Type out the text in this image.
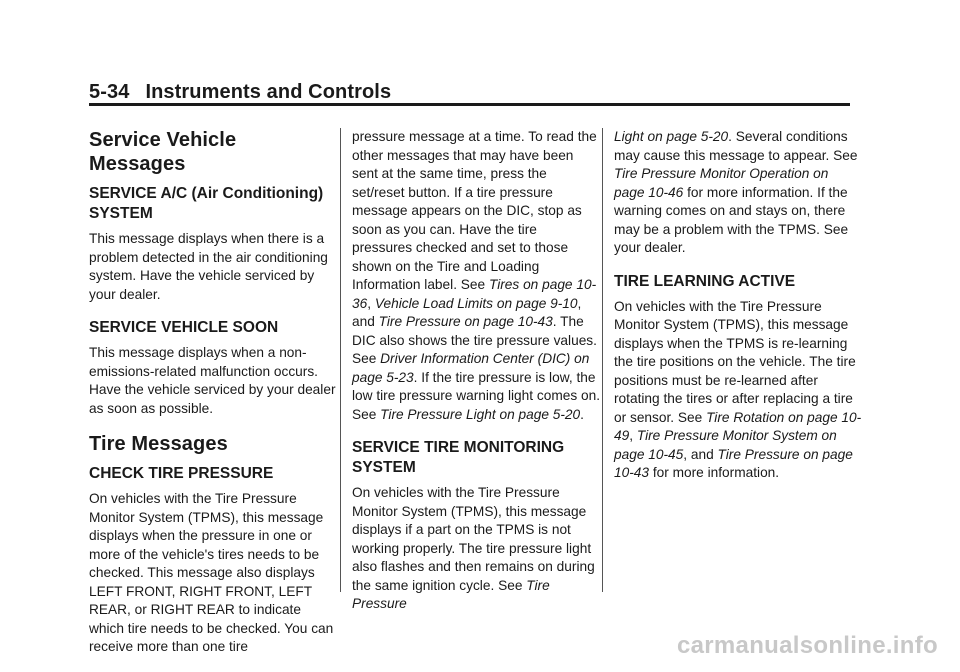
5-34 Instruments and Controls
Service Vehicle Messages
SERVICE A/C (Air Conditioning) SYSTEM

This message displays when there is a problem detected in the air conditioning system. Have the vehicle serviced by your dealer.

SERVICE VEHICLE SOON

This message displays when a non-emissions-related malfunction occurs. Have the vehicle serviced by your dealer as soon as possible.

Tire Messages
CHECK TIRE PRESSURE

On vehicles with the Tire Pressure Monitor System (TPMS), this message displays when the pressure in one or more of the vehicle's tires needs to be checked. This message also displays LEFT FRONT, RIGHT FRONT, LEFT REAR, or RIGHT REAR to indicate which tire needs to be checked. You can receive more than one tire

pressure message at a time. To read the other messages that may have been sent at the same time, press the set/reset button. If a tire pressure message appears on the DIC, stop as soon as you can. Have the tire pressures checked and set to those shown on the Tire and Loading Information label. See Tires on page 10-36, Vehicle Load Limits on page 9-10, and Tire Pressure on page 10-43. The DIC also shows the tire pressure values. See Driver Information Center (DIC) on page 5-23. If the tire pressure is low, the low tire pressure warning light comes on. See Tire Pressure Light on page 5-20.

SERVICE TIRE MONITORING SYSTEM

On vehicles with the Tire Pressure Monitor System (TPMS), this message displays if a part on the TPMS is not working properly. The tire pressure light also flashes and then remains on during the same ignition cycle. See Tire Pressure

Light on page 5-20. Several conditions may cause this message to appear. See Tire Pressure Monitor Operation on page 10-46 for more information. If the warning comes on and stays on, there may be a problem with the TPMS. See your dealer.

TIRE LEARNING ACTIVE

On vehicles with the Tire Pressure Monitor System (TPMS), this message displays when the TPMS is re-learning the tire positions on the vehicle. The tire positions must be re-learned after rotating the tires or after replacing a tire or sensor. See Tire Rotation on page 10-49, Tire Pressure Monitor System on page 10-45, and Tire Pressure on page 10-43 for more information.

carmanualsonline.info
